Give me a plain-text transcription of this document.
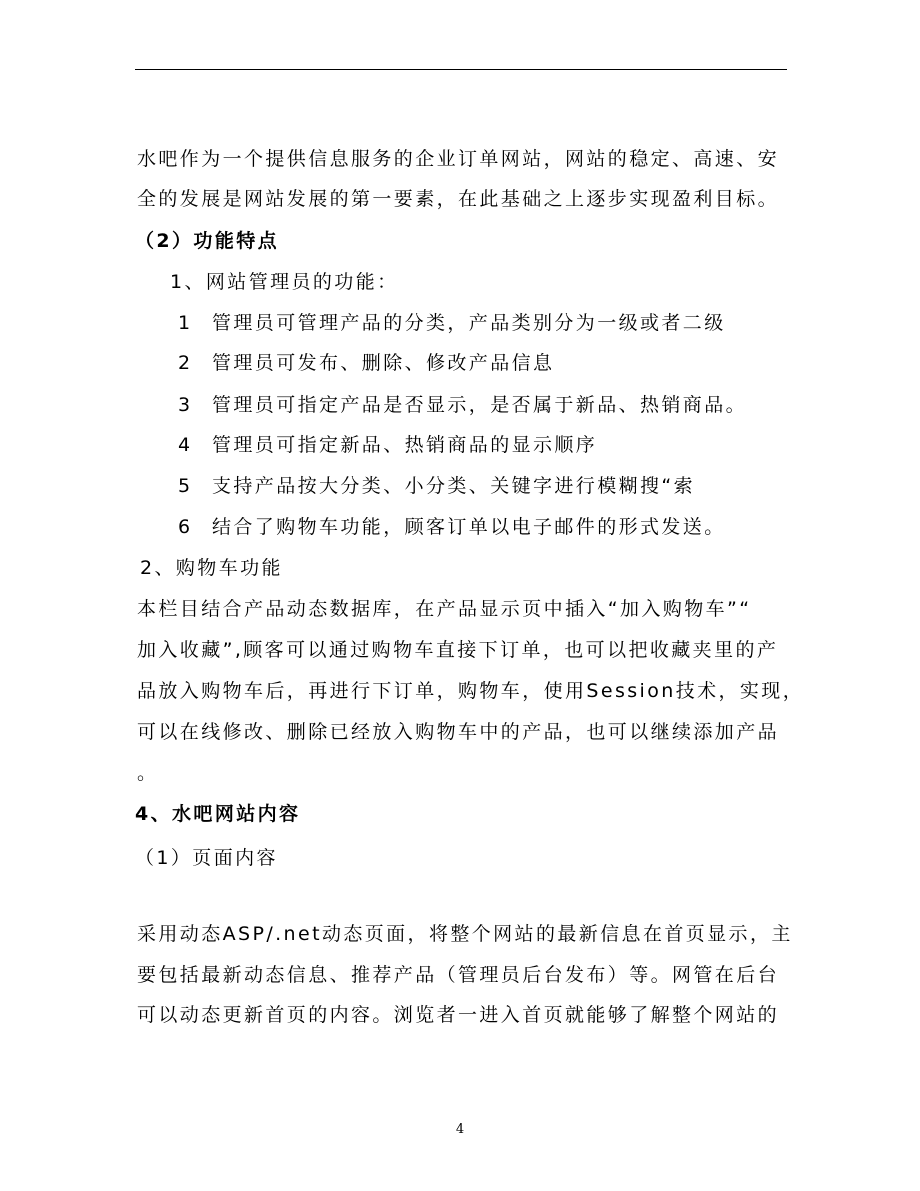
水吧作为一个提供信息服务的企业订单网站，网站的稳定、高速、安
全的发展是网站发展的第一要素，在此基础之上逐步实现盈利目标。
（2）功能特点
1、网站管理员的功能：
1 管理员可管理产品的分类，产品类别分为一级或者二级
2 管理员可发布、删除、修改产品信息
3 管理员可指定产品是否显示，是否属于新品、热销商品。
4 管理员可指定新品、热销商品的显示顺序
5 支持产品按大分类、小分类、关键字进行模糊搜“索
6 结合了购物车功能，顾客订单以电子邮件的形式发送。
2、购物车功能
本栏目结合产品动态数据库，在产品显示页中插入“加入购物车”“
加入收藏”,顾客可以通过购物车直接下订单，也可以把收藏夹里的产
品放入购物车后，再进行下订单，购物车，使用Session技术，实现，
可以在线修改、删除已经放入购物车中的产品，也可以继续添加产品
。
4、水吧网站内容
（1）页面内容
采用动态ASP/.net动态页面，将整个网站的最新信息在首页显示，主
要包括最新动态信息、推荐产品（管理员后台发布）等。网管在后台
可以动态更新首页的内容。浏览者一进入首页就能够了解整个网站的
4
